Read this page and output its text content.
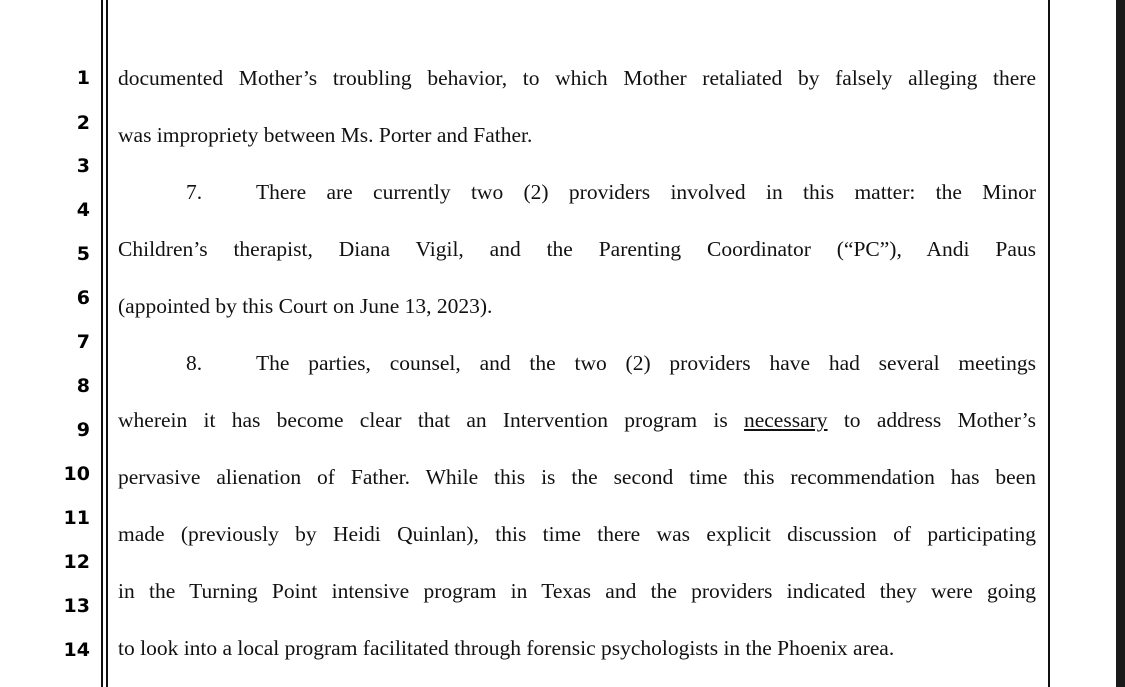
1
2
3
4
5
6
7
8
9
10
11
12
13
14
documented Mother’s troubling behavior, to which Mother retaliated by falsely alleging there
was impropriety between Ms. Porter and Father.
7.	There are currently two (2) providers involved in this matter: the Minor
Children’s therapist, Diana Vigil, and the Parenting Coordinator (“PC”), Andi Paus
(appointed by this Court on June 13, 2023).
8.	The parties, counsel, and the two (2) providers have had several meetings
wherein it has become clear that an Intervention program is necessary to address Mother’s
pervasive alienation of Father. While this is the second time this recommendation has been
made (previously by Heidi Quinlan), this time there was explicit discussion of participating
in the Turning Point intensive program in Texas and the providers indicated they were going
to look into a local program facilitated through forensic psychologists in the Phoenix area.
